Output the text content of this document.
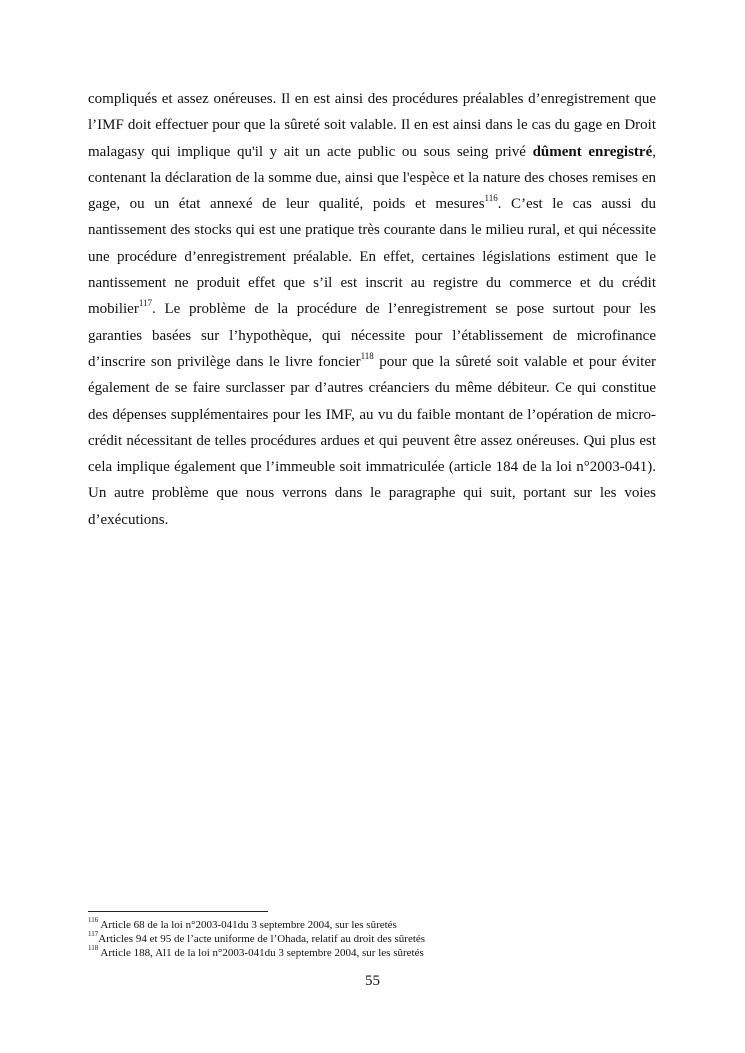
compliqués et assez onéreuses. Il en est ainsi des procédures préalables d’enregistrement que
l’IMF doit effectuer pour que la sûreté soit valable. Il en est ainsi dans le cas du gage en Droit
malagasy qui implique qu'il y ait un acte public ou sous seing privé dûment enregistré,
contenant la déclaration de la somme due, ainsi que l'espèce et la nature des choses remises en
gage, ou un état annexé de leur qualité, poids et mesures$^{116}$. C’est le cas aussi du
nantissement des stocks qui est une pratique très courante dans le milieu rural, et qui nécessite
une procédure d’enregistrement préalable. En effet, certaines législations estiment que le
nantissement ne produit effet que s’il est inscrit au registre du commerce et du crédit
mobilier$^{117}$. Le problème de la procédure de l’enregistrement se pose surtout pour les
garanties basées sur l’hypothèque, qui nécessite pour l’établissement de microfinance
d’inscrire son privilège dans le livre foncier$^{118}$ pour que la sûreté soit valable et pour éviter
également de se faire surclasser par d’autres créanciers du même débiteur. Ce qui constitue
des dépenses supplémentaires pour les IMF, au vu du faible montant de l’opération de micro-
crédit nécessitant de telles procédures ardues et qui peuvent être assez onéreuses. Qui plus est
cela implique également que l’immeuble soit immatriculée (article 184 de la loi n°2003-041).
Un autre problème que nous verrons dans le paragraphe qui suit, portant sur les voies
d’exécutions.
$^{116}$ Article 68 de la loi n°2003-041du 3 septembre 2004, sur les sûretés
$^{117}$Articles 94 et 95 de l’acte uniforme de l’Ohada, relatif au droit des sûretés
$^{118}$ Article 188, Al1 de la loi n°2003-041du 3 septembre 2004, sur les sûretés
55
